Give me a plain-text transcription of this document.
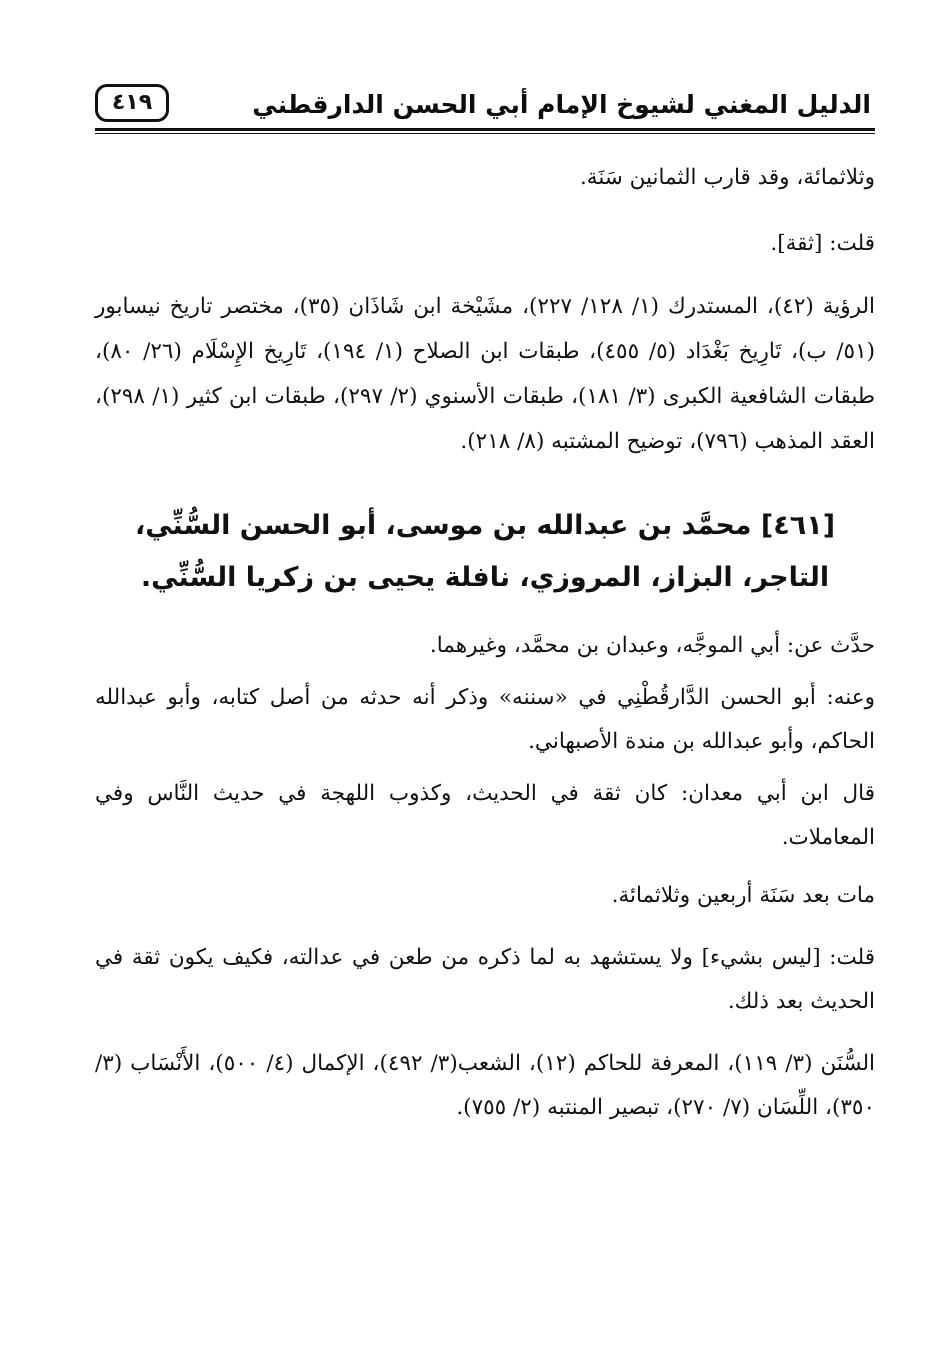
الدليل المغني لشيوخ الإمام أبي الحسن الدارقطني
٤١٩

وثلاثمائة، وقد قارب الثمانين سَنَة.

قلت: [ثقة].

الرؤية (٤٢)، المستدرك (١/ ١٢٨/ ٢٢٧)، مشَيْخة ابن شَاذَان (٣٥)، مختصر تاريخ نيسابور (٥١/ ب)، تَارِيخ بَغْدَاد (٥/ ٤٥٥)، طبقات ابن الصلاح (١/ ١٩٤)، تَارِيخ الإِسْلَام (٢٦/ ٨٠)، طبقات الشافعية الكبرى (٣/ ١٨١)، طبقات الأسنوي (٢/ ٢٩٧)، طبقات ابن كثير (١/ ٢٩٨)، العقد المذهب (٧٩٦)، توضيح المشتبه (٨/ ٢١٨).

[٤٦١] محمَّد بن عبدالله بن موسى، أبو الحسن السُّنِّي، التاجر، البزاز، المروزي، نافلة يحيى بن زكريا السُّنِّي.

حدَّث عن: أبي الموجَّه، وعبدان بن محمَّد، وغيرهما.

وعنه: أبو الحسن الدَّارقُطْنِي في «سننه» وذكر أنه حدثه من أصل كتابه، وأبو عبدالله الحاكم، وأبو عبدالله بن مندة الأصبهاني.

قال ابن أبي معدان: كان ثقة في الحديث، وكذوب اللهجة في حديث النَّاس وفي المعاملات.

مات بعد سَنَة أربعين وثلاثمائة.

قلت: [ليس بشيء] ولا يستشهد به لما ذكره من طعن في عدالته، فكيف يكون ثقة في الحديث بعد ذلك.

السُّنَن (٣/ ١١٩)، المعرفة للحاكم (١٢)، الشعب(٣/ ٤٩٢)، الإكمال (٤/ ٥٠٠)، الأَنْسَاب (٣/ ٣٥٠)، اللِّسَان (٧/ ٢٧٠)، تبصير المنتبه (٢/ ٧٥٥).
